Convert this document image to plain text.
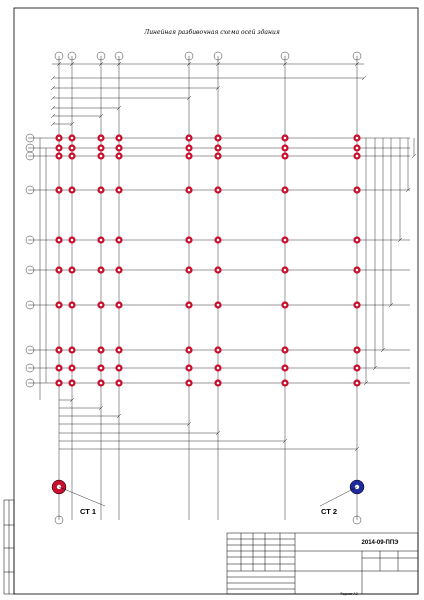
Линейная разбивочная схема осей здания
СТ 1	СТ 2
2014-09-ППЭ
Формат А3
